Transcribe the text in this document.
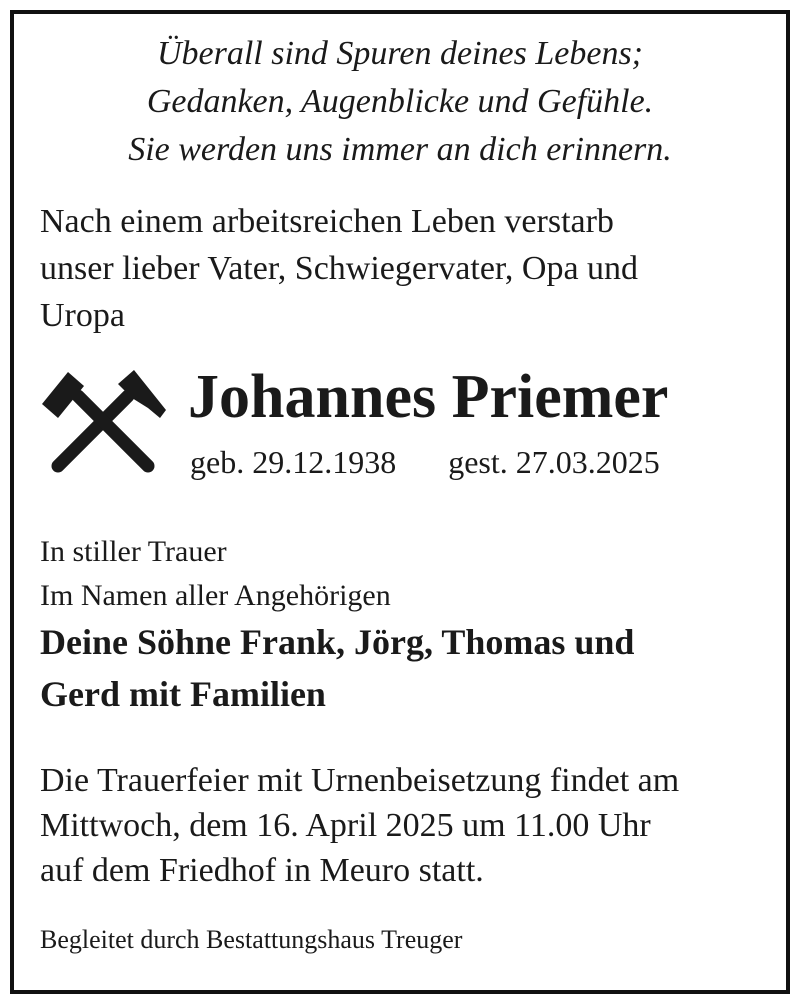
Überall sind Spuren deines Lebens;
Gedanken, Augenblicke und Gefühle.
Sie werden uns immer an dich erinnern.
Nach einem arbeitsreichen Leben verstarb
unser lieber Vater, Schwiegervater, Opa und
Uropa
Johannes Priemer
geb. 29.12.1938 gest. 27.03.2025
In stiller Trauer
Im Namen aller Angehörigen
Deine Söhne Frank, Jörg, Thomas und
Gerd mit Familien
Die Trauerfeier mit Urnenbeisetzung findet am
Mittwoch, dem 16. April 2025 um 11.00 Uhr
auf dem Friedhof in Meuro statt.
Begleitet durch Bestattungshaus Treuger
